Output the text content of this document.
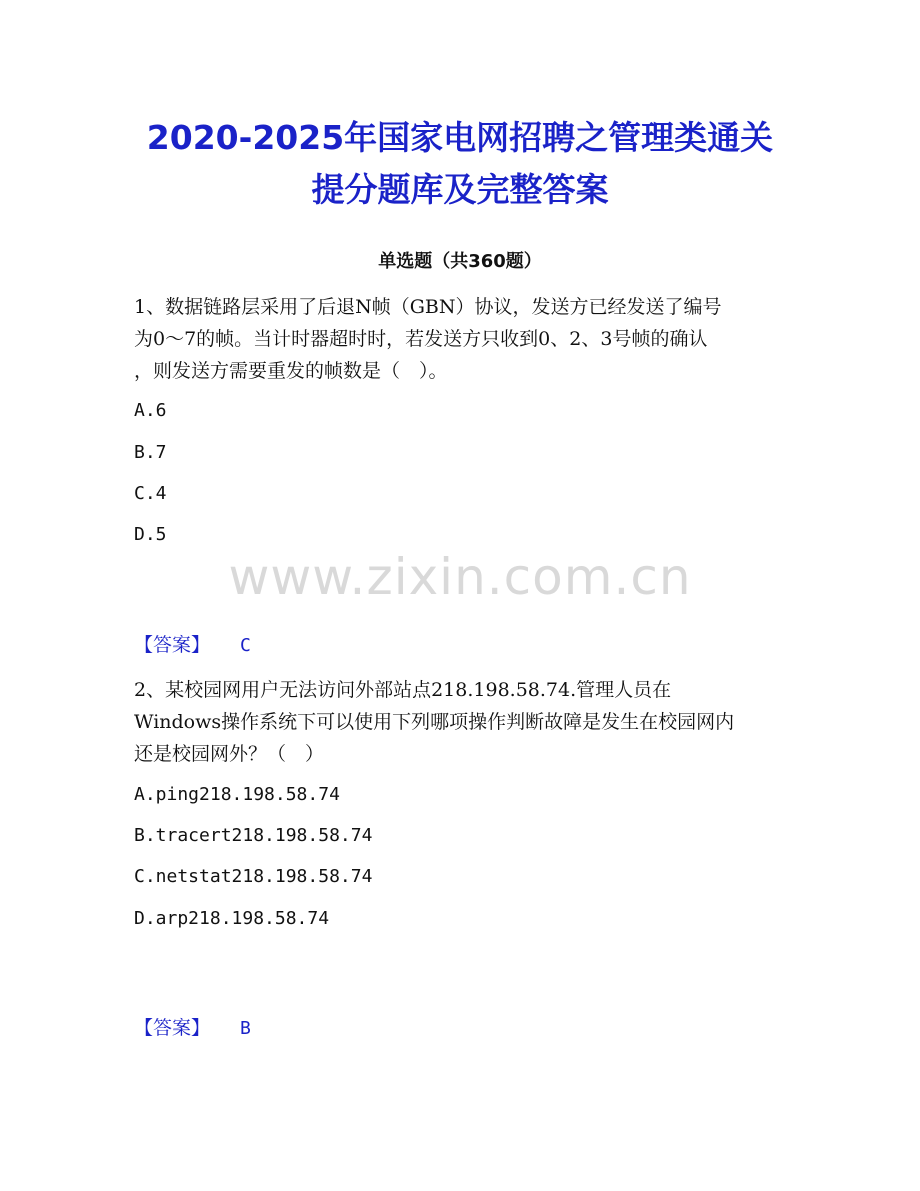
2020-2025年国家电网招聘之管理类通关
提分题库及完整答案
单选题（共360题）
1、数据链路层采用了后退N帧（GBN）协议，发送方已经发送了编号
为0～7的帧。当计时器超时时，若发送方只收到0、2、3号帧的确认
，则发送方需要重发的帧数是（　）。
A.6
B.7
C.4
D.5
www.zixin.com.cn
【答案】 C
2、某校园网用户无法访问外部站点218.198.58.74.管理人员在
Windows操作系统下可以使用下列哪项操作判断故障是发生在校园网内
还是校园网外？（　）
A.ping218.198.58.74
B.tracert218.198.58.74
C.netstat218.198.58.74
D.arp218.198.58.74
【答案】 B
